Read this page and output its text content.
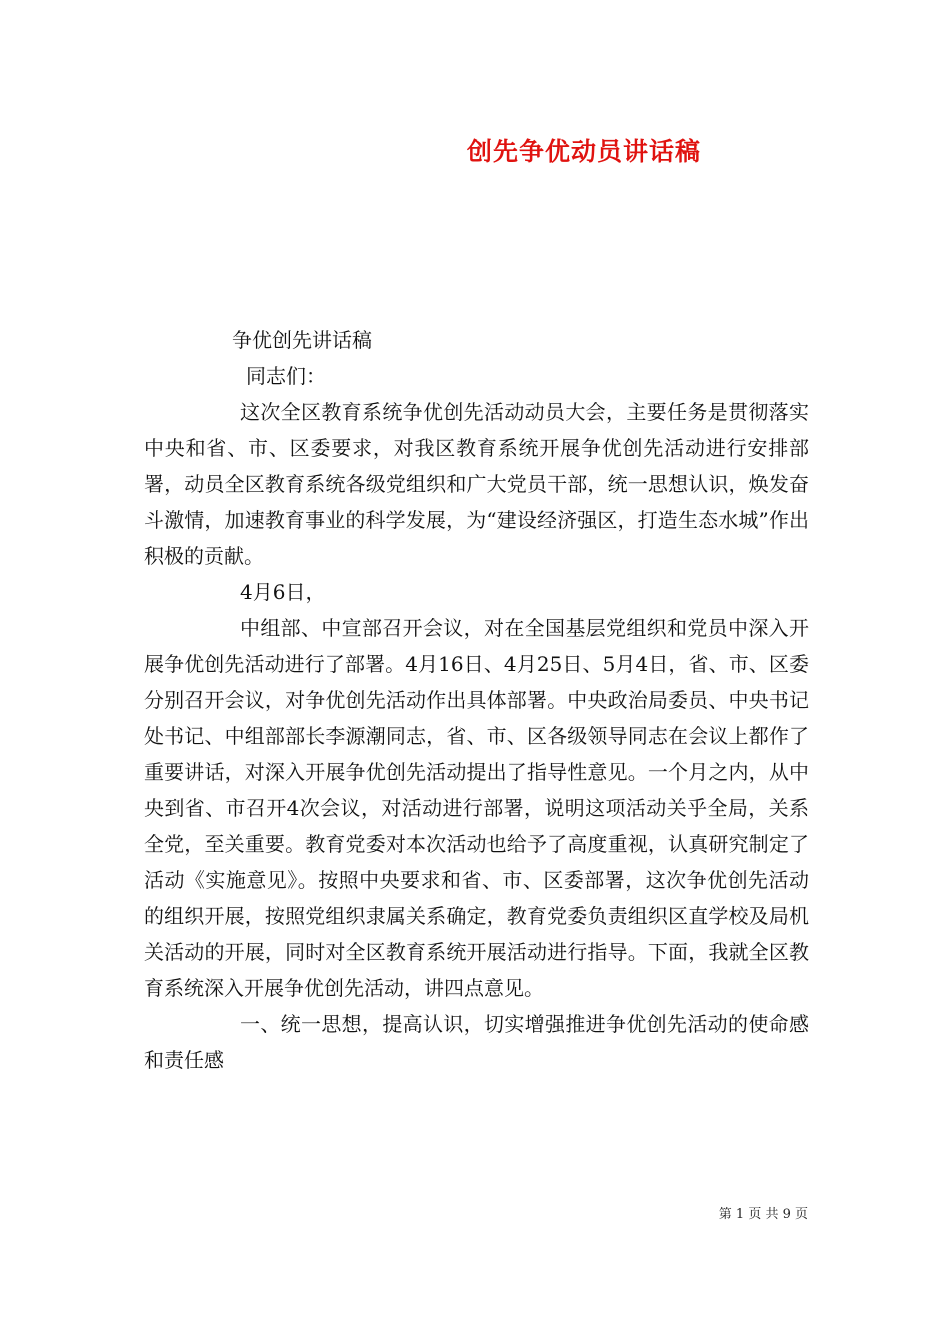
创先争优动员讲话稿

争优创先讲话稿

同志们：

这次全区教育系统争优创先活动动员大会，主要任务是贯彻落实中央和省、市、区委要求，对我区教育系统开展争优创先活动进行安排部署，动员全区教育系统各级党组织和广大党员干部，统一思想认识，焕发奋斗激情，加速教育事业的科学发展，为“建设经济强区，打造生态水城”作出积极的贡献。

4月6日，

中组部、中宣部召开会议，对在全国基层党组织和党员中深入开展争优创先活动进行了部署。4月16日、4月25日、5月4日，省、市、区委分别召开会议，对争优创先活动作出具体部署。中央政治局委员、中央书记处书记、中组部部长李源潮同志，省、市、区各级领导同志在会议上都作了重要讲话，对深入开展争优创先活动提出了指导性意见。一个月之内，从中央到省、市召开4次会议，对活动进行部署，说明这项活动关乎全局，关系全党，至关重要。教育党委对本次活动也给予了高度重视，认真研究制定了活动《实施意见》。按照中央要求和省、市、区委部署，这次争优创先活动的组织开展，按照党组织隶属关系确定，教育党委负责组织区直学校及局机关活动的开展，同时对全区教育系统开展活动进行指导。下面，我就全区教育系统深入开展争优创先活动，讲四点意见。

一、统一思想，提高认识，切实增强推进争优创先活动的使命感和责任感

第 1 页 共 9 页
